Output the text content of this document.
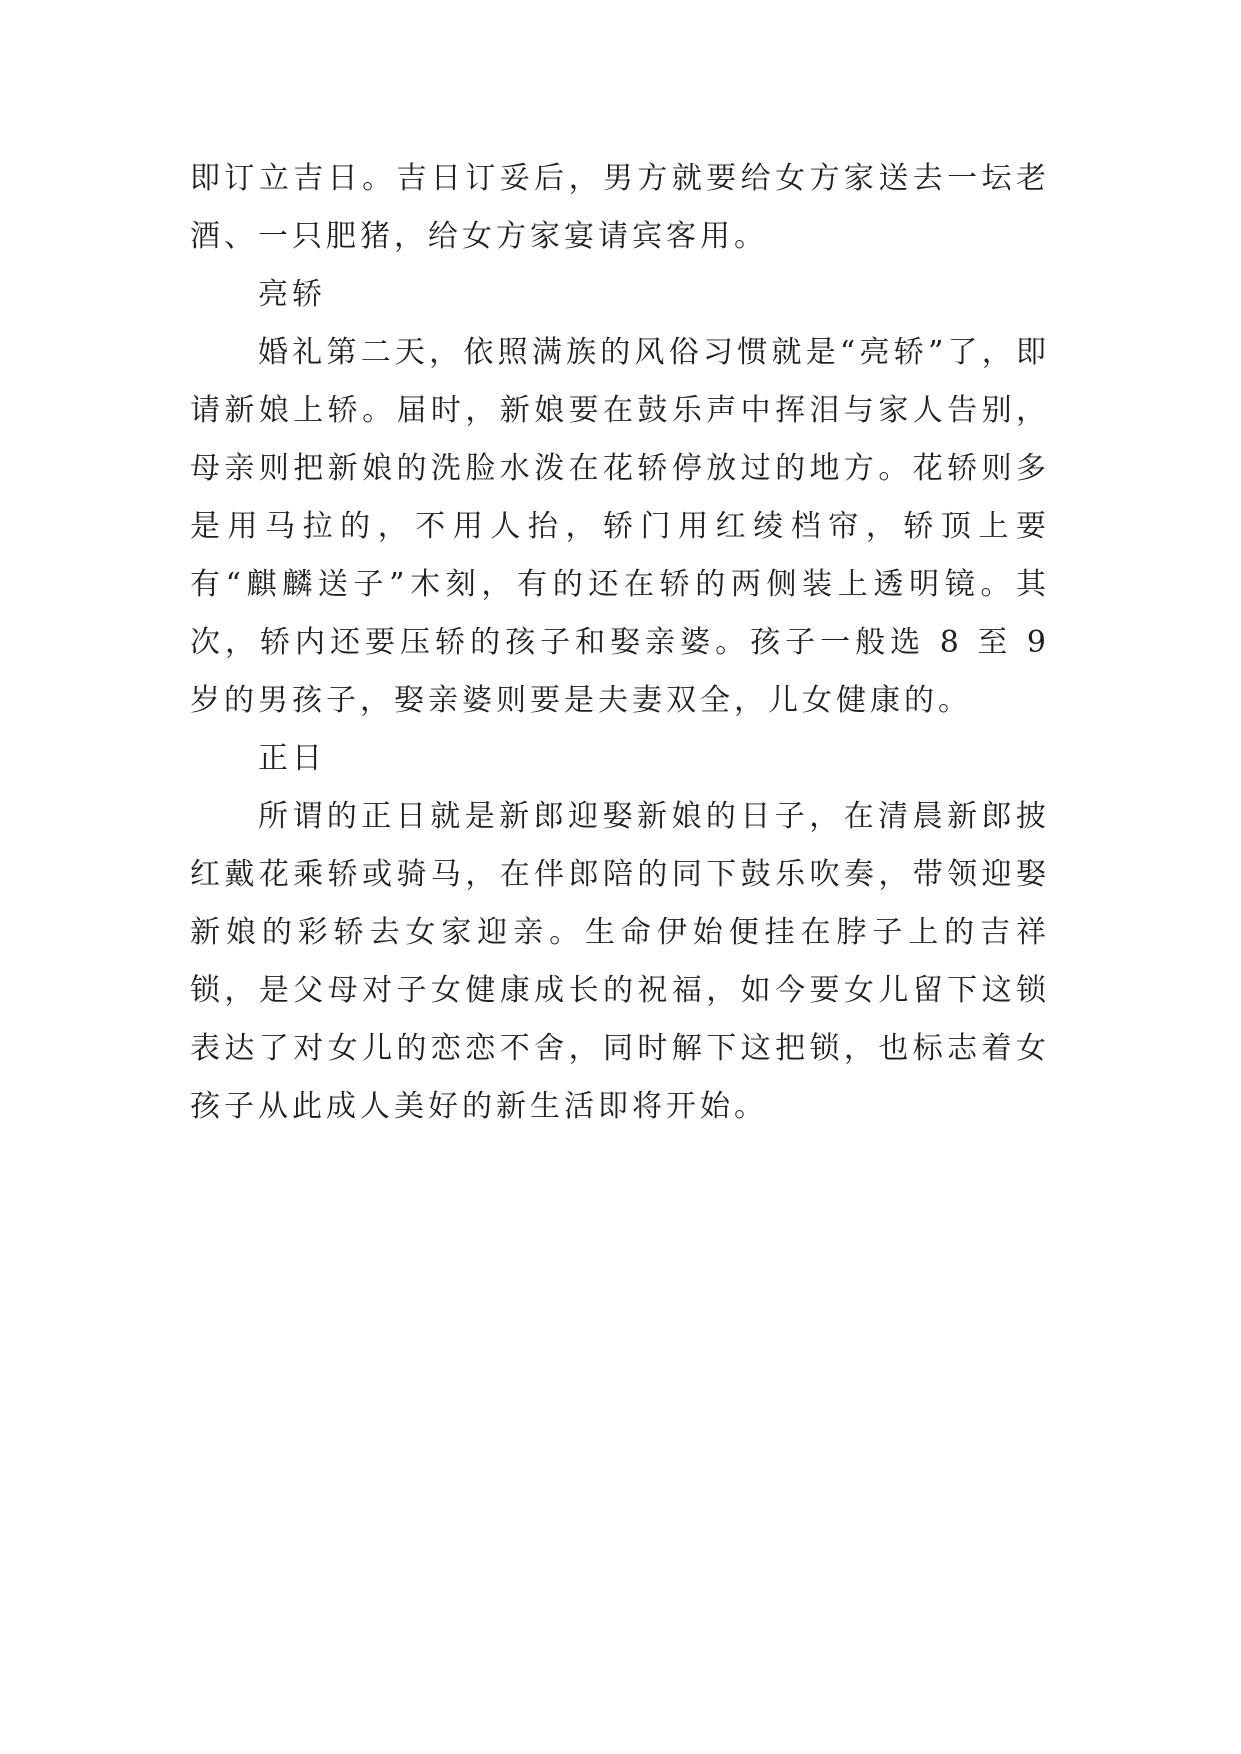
即订立吉日。吉日订妥后，男方就要给女方家送去一坛老酒、一只肥猪，给女方家宴请宾客用。

亮轿

婚礼第二天，依照满族的风俗习惯就是“亮轿”了，即请新娘上轿。届时，新娘要在鼓乐声中挥泪与家人告别，母亲则把新娘的洗脸水泼在花轿停放过的地方。花轿则多是用马拉的，不用人抬，轿门用红绫档帘，轿顶上要有“麒麟送子”木刻，有的还在轿的两侧装上透明镜。其次，轿内还要压轿的孩子和娶亲婆。孩子一般选 8 至 9 岁的男孩子，娶亲婆则要是夫妻双全，儿女健康的。

正日

所谓的正日就是新郎迎娶新娘的日子，在清晨新郎披红戴花乘轿或骑马，在伴郎陪的同下鼓乐吹奏，带领迎娶新娘的彩轿去女家迎亲。生命伊始便挂在脖子上的吉祥锁，是父母对子女健康成长的祝福，如今要女儿留下这锁表达了对女儿的恋恋不舍，同时解下这把锁，也标志着女孩子从此成人美好的新生活即将开始。
